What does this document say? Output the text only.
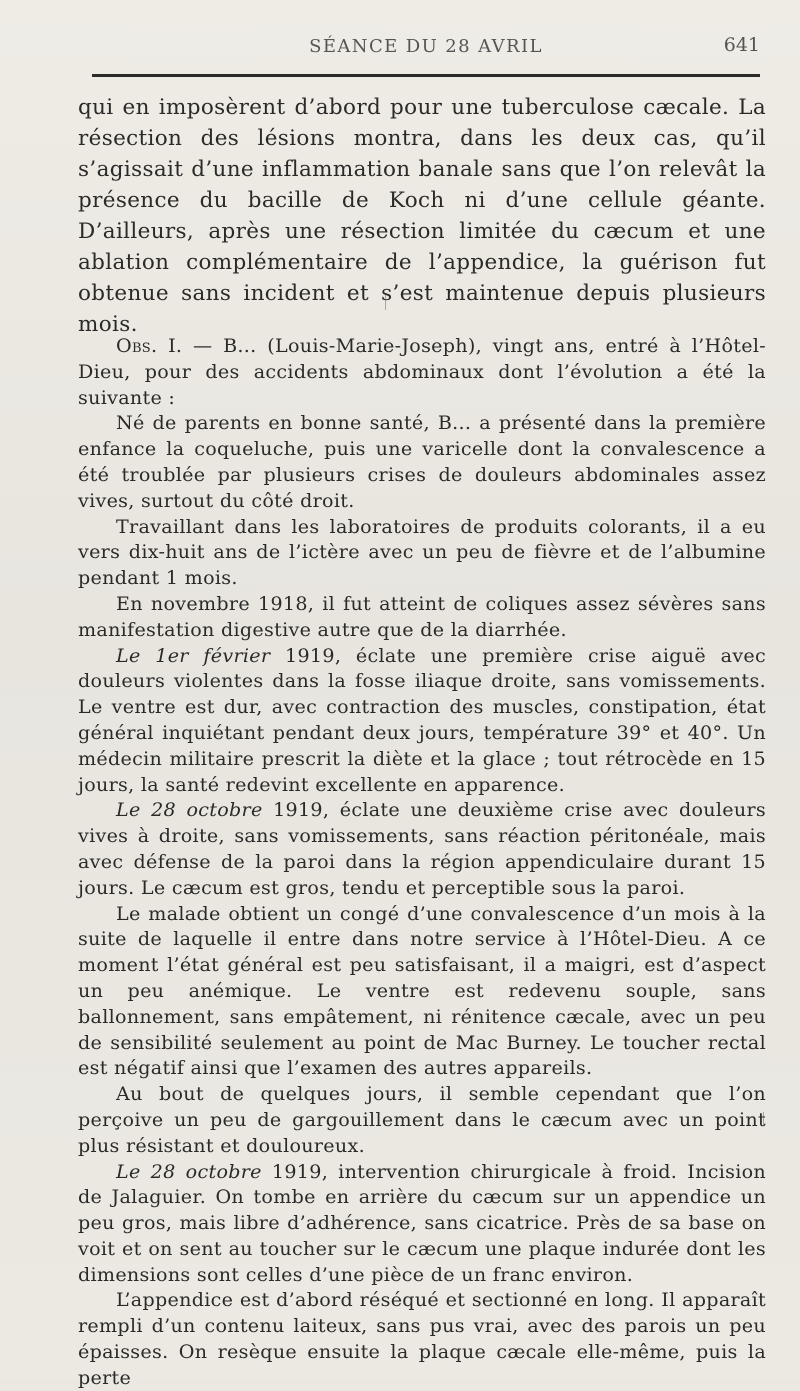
SÉANCE DU 28 AVRIL	641

qui en imposèrent d’abord pour une tuberculose cæcale. La résection des lésions montra, dans les deux cas, qu’il s’agissait d’une inflammation banale sans que l’on relevât la présence du bacille de Koch ni d’une cellule géante. D’ailleurs, après une résection limitée du cæcum et une ablation complémentaire de l’appendice, la guérison fut obtenue sans incident et s’est maintenue depuis plusieurs mois.

Obs. I. — B... (Louis-Marie-Joseph), vingt ans, entré à l’Hôtel-Dieu, pour des accidents abdominaux dont l’évolution a été la suivante :

Né de parents en bonne santé, B... a présenté dans la première enfance la coqueluche, puis une varicelle dont la convalescence a été troublée par plusieurs crises de douleurs abdominales assez vives, surtout du côté droit.

Travaillant dans les laboratoires de produits colorants, il a eu vers dix-huit ans de l’ictère avec un peu de fièvre et de l’albumine pendant 1 mois.

En novembre 1918, il fut atteint de coliques assez sévères sans manifestation digestive autre que de la diarrhée.

Le 1er février 1919, éclate une première crise aiguë avec douleurs violentes dans la fosse iliaque droite, sans vomissements. Le ventre est dur, avec contraction des muscles, constipation, état général inquiétant pendant deux jours, température 39° et 40°. Un médecin militaire prescrit la diète et la glace ; tout rétrocède en 15 jours, la santé redevint excellente en apparence.

Le 28 octobre 1919, éclate une deuxième crise avec douleurs vives à droite, sans vomissements, sans réaction péritonéale, mais avec défense de la paroi dans la région appendiculaire durant 15 jours. Le cæcum est gros, tendu et perceptible sous la paroi.

Le malade obtient un congé d’une convalescence d’un mois à la suite de laquelle il entre dans notre service à l’Hôtel-Dieu. A ce moment l’état général est peu satisfaisant, il a maigri, est d’aspect un peu anémique. Le ventre est redevenu souple, sans ballonnement, sans empâtement, ni rénitence cæcale, avec un peu de sensibilité seulement au point de Mac Burney. Le toucher rectal est négatif ainsi que l’examen des autres appareils.

Au bout de quelques jours, il semble cependant que l’on perçoive un peu de gargouillement dans le cæcum avec un point plus résistant et douloureux.

Le 28 octobre 1919, intervention chirurgicale à froid. Incision de Jalaguier. On tombe en arrière du cæcum sur un appendice un peu gros, mais libre d’adhérence, sans cicatrice. Près de sa base on voit et on sent au toucher sur le cæcum une plaque indurée dont les dimensions sont celles d’une pièce de un franc environ.

L’appendice est d’abord réséqué et sectionné en long. Il apparaît rempli d’un contenu laiteux, sans pus vrai, avec des parois un peu épaisses. On resèque ensuite la plaque cæcale elle-même, puis la perte
